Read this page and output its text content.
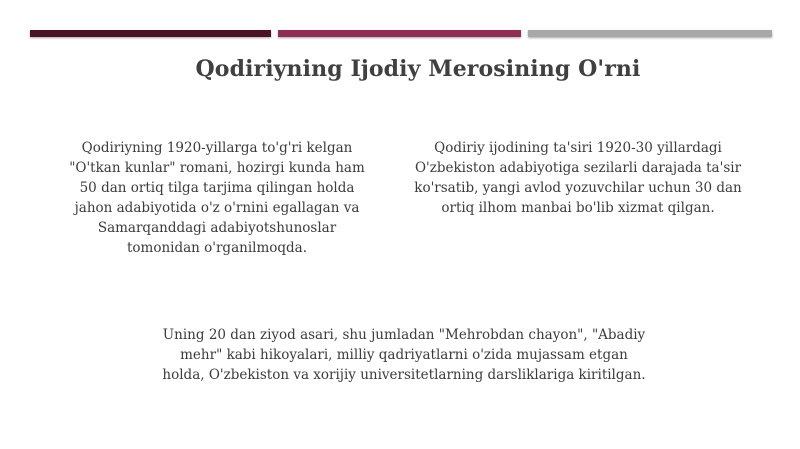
Qodiriyning Ijodiy Merosining O'rni
Qodiriyning 1920-yillarga to'g'ri kelgan
"O'tkan kunlar" romani, hozirgi kunda ham
50 dan ortiq tilga tarjima qilingan holda
jahon adabiyotida o'z o'rnini egallagan va
Samarqanddagi adabiyotshunoslar
tomonidan o'rganilmoqda.
Qodiriy ijodining ta'siri 1920-30 yillardagi
O'zbekiston adabiyotiga sezilarli darajada ta'sir
ko'rsatib, yangi avlod yozuvchilar uchun 30 dan
ortiq ilhom manbai bo'lib xizmat qilgan.
Uning 20 dan ziyod asari, shu jumladan "Mehrobdan chayon", "Abadiy
mehr" kabi hikoyalari, milliy qadriyatlarni o'zida mujassam etgan
holda, O'zbekiston va xorijiy universitetlarning darsliklariga kiritilgan.
